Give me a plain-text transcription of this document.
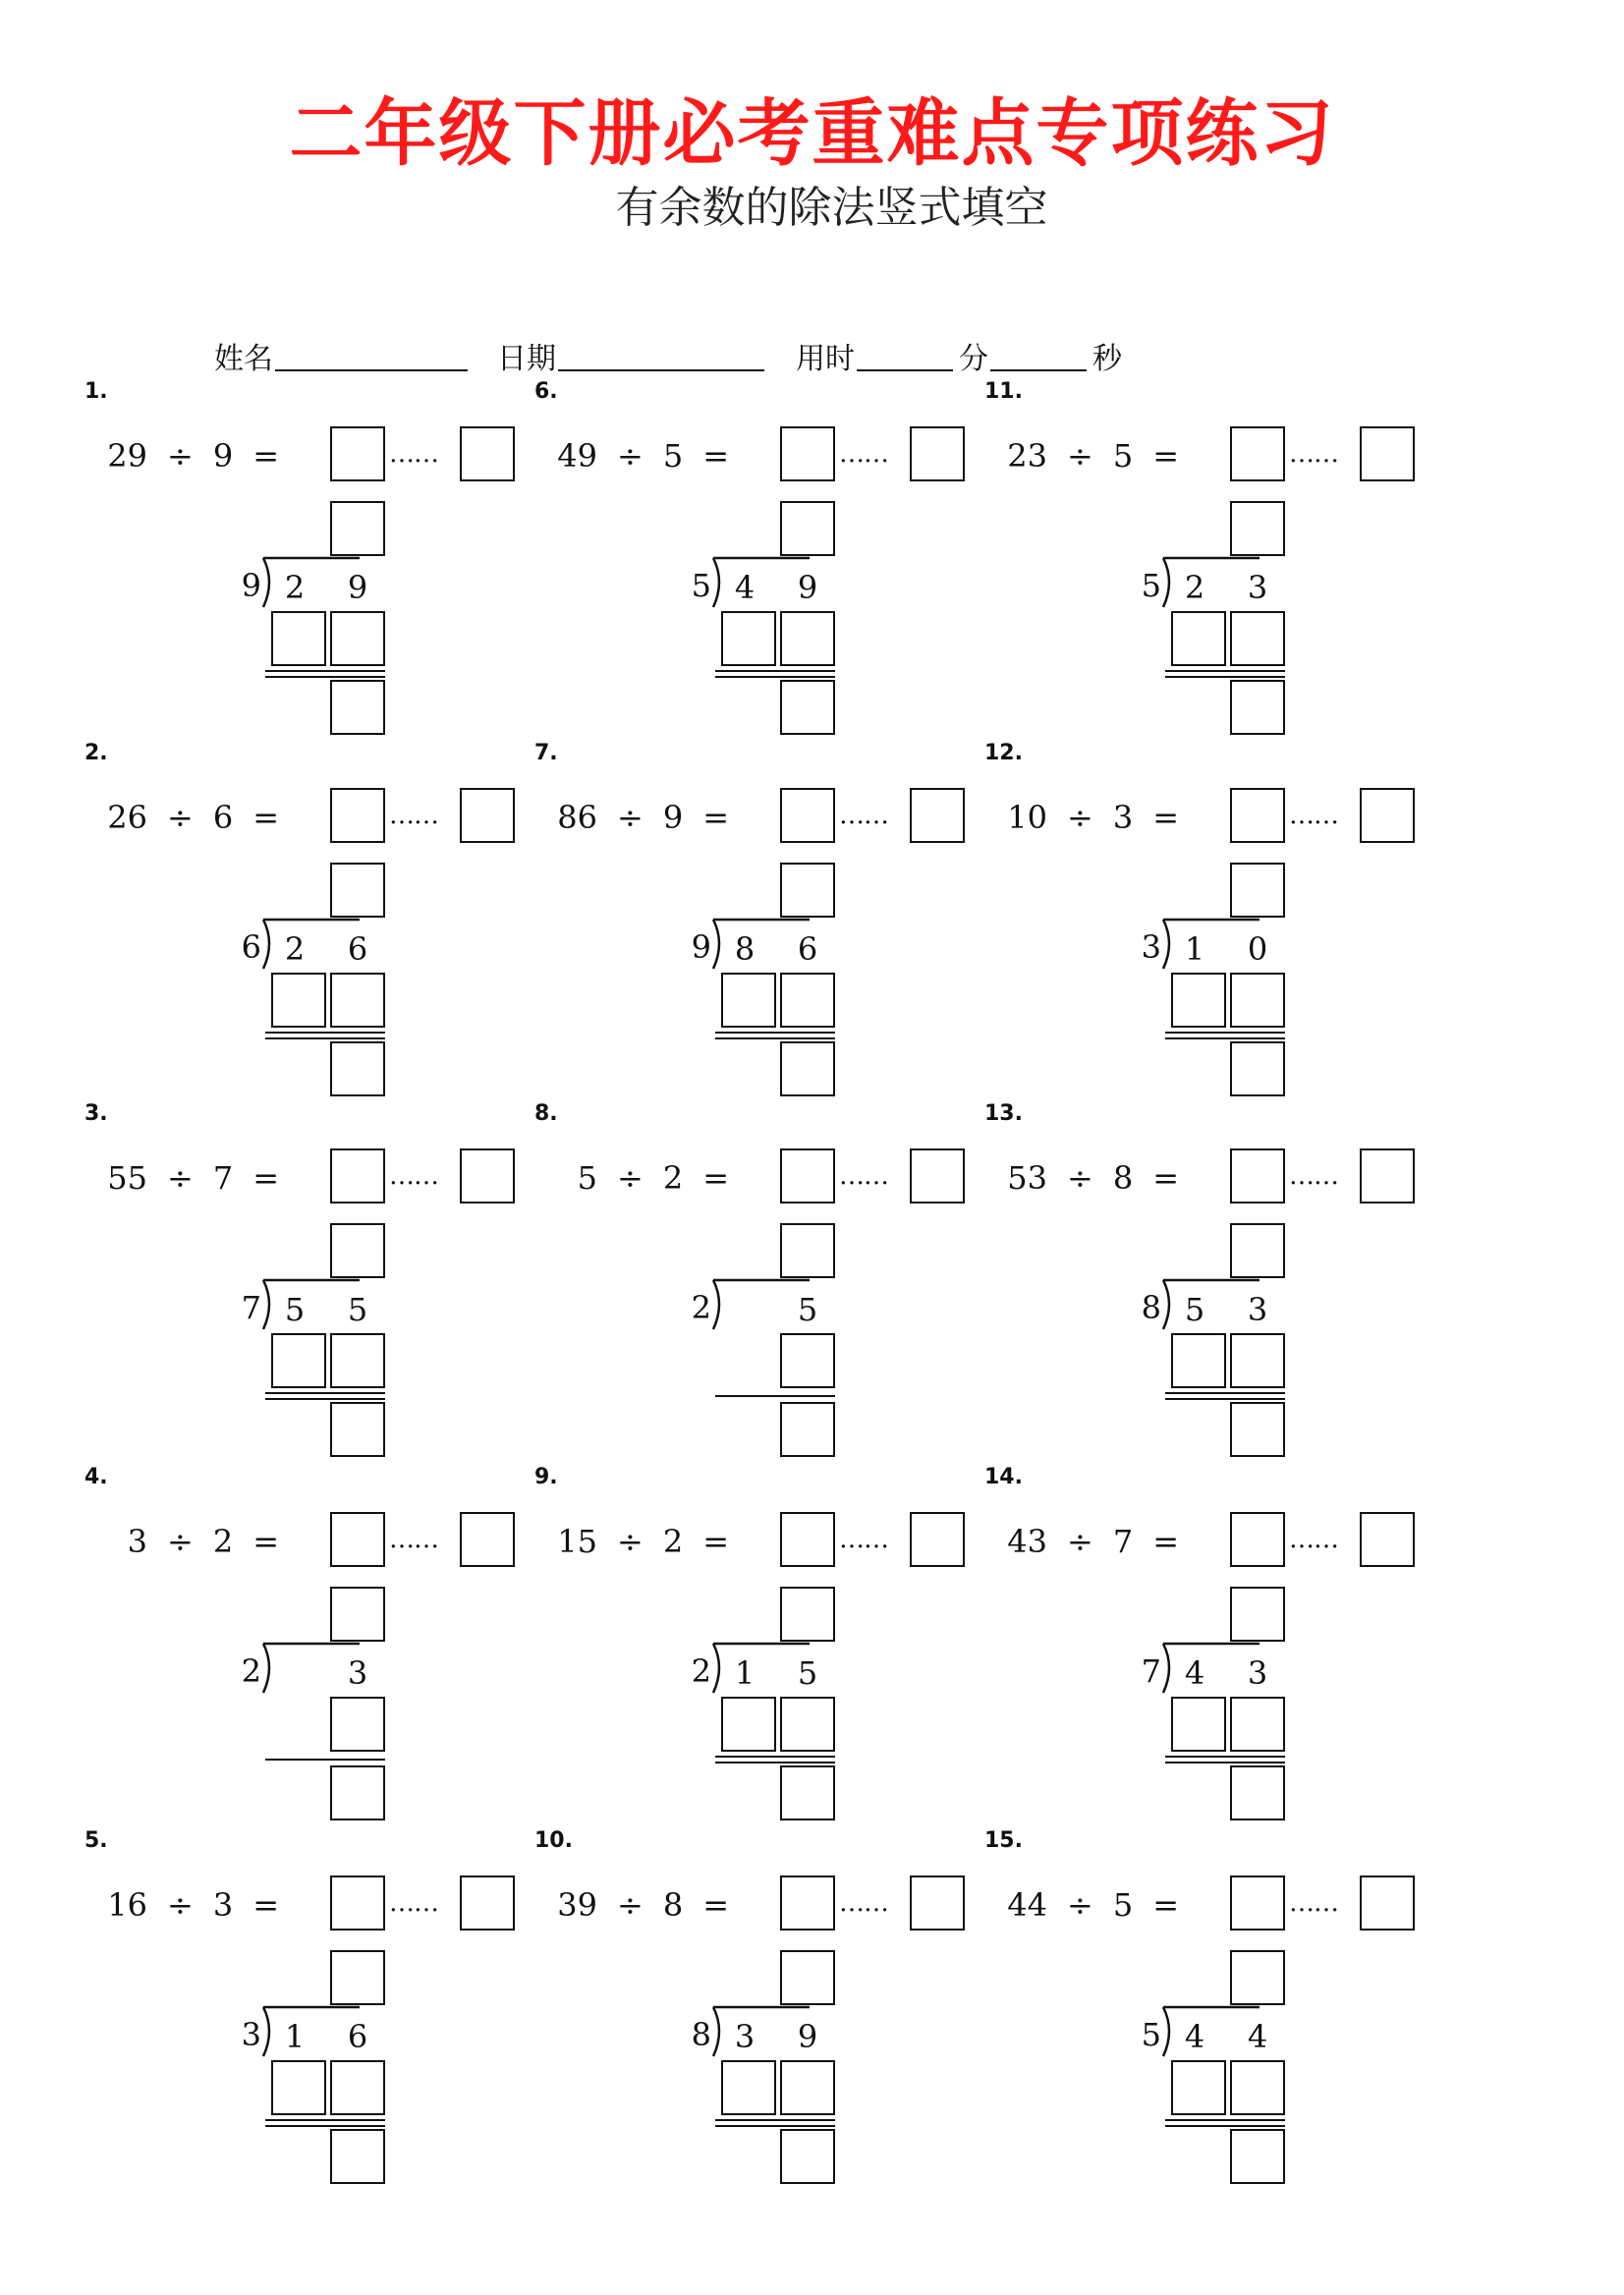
二年级下册必考重难点专项练习
有余数的除法竖式填空
姓名	日期	用时	分	秒
1.
29 ÷ 9 =	……
9 2	9
2.
26 ÷ 6 =	……
6 2	6
3.
55 ÷ 7 =	……
7 5	5
4.
3 ÷ 2 =	……
2	3
5.
16 ÷ 3 =	……
3 1	6
6.
49 ÷ 5 =	……
5 4	9
7.
86 ÷ 9 =	……
9 8	6
8.
5 ÷ 2 =	……
2	5
9.
15 ÷ 2 =	……
2 1	5
10.
39 ÷ 8 =	……
8 3	9
11.
23 ÷ 5 =	……
5 2	3
12.
10 ÷ 3 =	……
3 1	0
13.
53 ÷ 8 =	……
8 5	3
14.
43 ÷ 7 =	……
7 4	3
15.
44 ÷ 5 =	……
5 4	4
